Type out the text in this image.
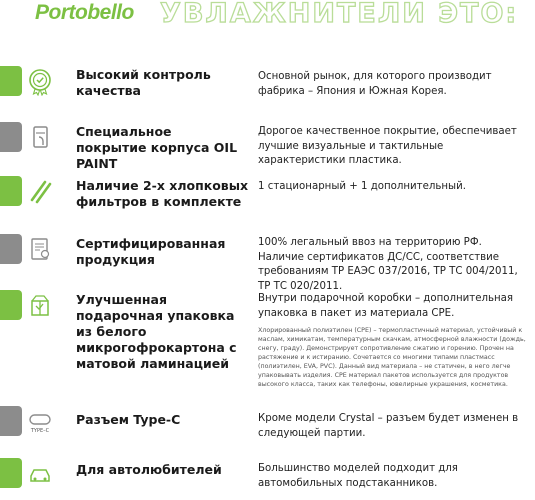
Portobello УВЛАЖНИТЕЛИ ЭТО:
Высокий контроль качества
Основной рынок, для которого производит фабрика – Япония и Южная Корея.
Специальное покрытие корпуса OIL PAINT
Дорогое качественное покрытие, обеспечивает лучшие визуальные и тактильные характеристики пластика.
Наличие 2-х хлопковых фильтров в комплекте
1 стационарный + 1 дополнительный.
Сертифицированная продукция
100% легальный ввоз на территорию РФ. Наличие сертификатов ДС/СС, соответствие требованиям ТР ЕАЭС 037/2016, ТР ТС 004/2011, ТР ТС 020/2011.
Улучшенная подарочная упаковка из белого микрогофрокартона с матовой ламинацией
Внутри подарочной коробки – дополнительная упаковка в пакет из материала CPE.
Хлорированный полиэтилен (CPE) – термопластичный материал, устойчивый к маслам, химикатам, температурным скачкам, атмосферной влажности (дождь, снегу, граду). Демонстрирует сопротивление сжатию и горению. Прочен на растяжение и к истиранию. Сочетается со многими типами пластмасс (полиэтилен, EVA, PVC). Данный вид материала – не статичен, в него легче упаковывать изделия. CPE материал пакетов используется для продуктов высокого класса, таких как телефоны, ювелирные украшения, косметика.
TYPE–C
Разъем Type-C	Кроме модели Crystal – разъем будет изменен в следующей партии.
Для автолюбителей	Большинство моделей подходит для автомобильных подстаканников.
